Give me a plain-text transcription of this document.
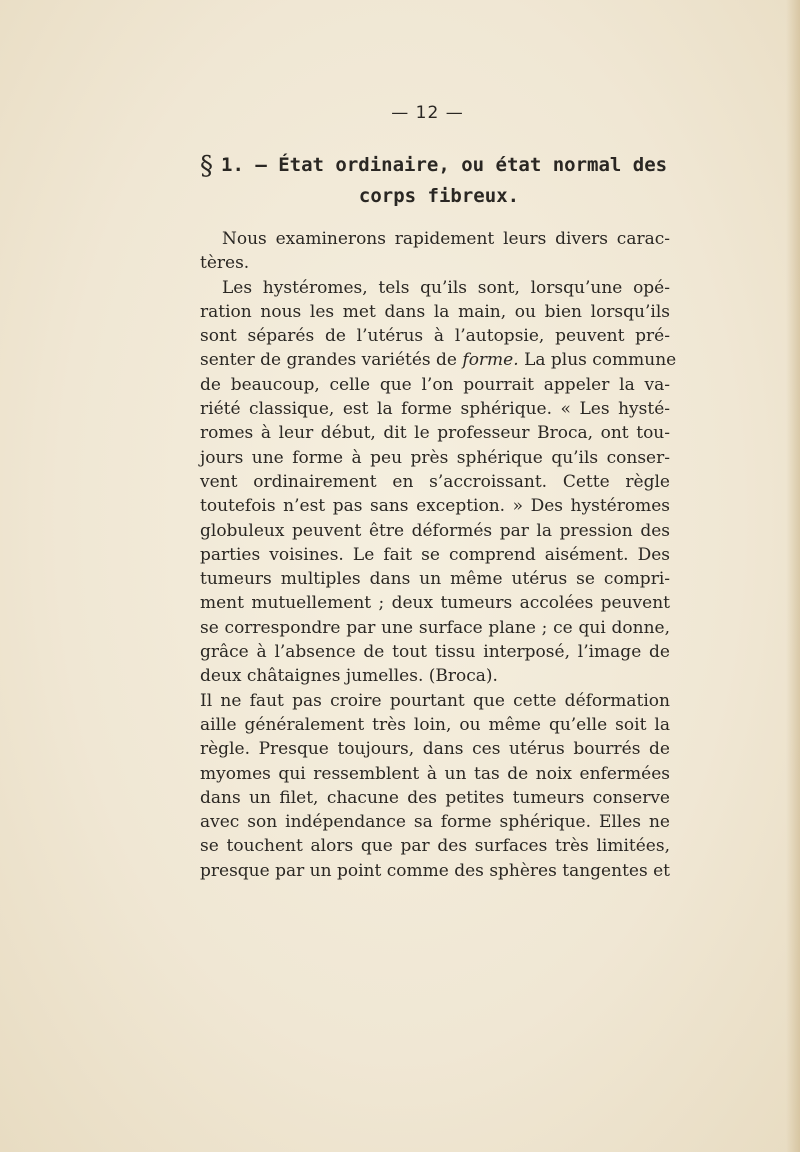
— 12 —
§ 1. — État ordinaire, ou état normal des
corps fibreux.
Nous examinerons rapidement leurs divers carac-
tères.
Les hystéromes, tels qu’ils sont, lorsqu’une opé-
ration nous les met dans la main, ou bien lorsqu’ils
sont séparés de l’utérus à l’autopsie, peuvent pré-
senter de grandes variétés de forme. La plus commune
de beaucoup, celle que l’on pourrait appeler la va-
riété classique, est la forme sphérique. « Les hysté-
romes à leur début, dit le professeur Broca, ont tou-
jours une forme à peu près sphérique qu’ils conser-
vent ordinairement en s’accroissant. Cette règle
toutefois n’est pas sans exception. » Des hystéromes
globuleux peuvent être déformés par la pression des
parties voisines. Le fait se comprend aisément. Des
tumeurs multiples dans un même utérus se compri-
ment mutuellement ; deux tumeurs accolées peuvent
se correspondre par une surface plane ; ce qui donne,
grâce à l’absence de tout tissu interposé, l’image de
deux châtaignes jumelles. (Broca).
Il ne faut pas croire pourtant que cette déformation
aille généralement très loin, ou même qu’elle soit la
règle. Presque toujours, dans ces utérus bourrés de
myomes qui ressemblent à un tas de noix enfermées
dans un filet, chacune des petites tumeurs conserve
avec son indépendance sa forme sphérique. Elles ne
se touchent alors que par des surfaces très limitées,
presque par un point comme des sphères tangentes et
